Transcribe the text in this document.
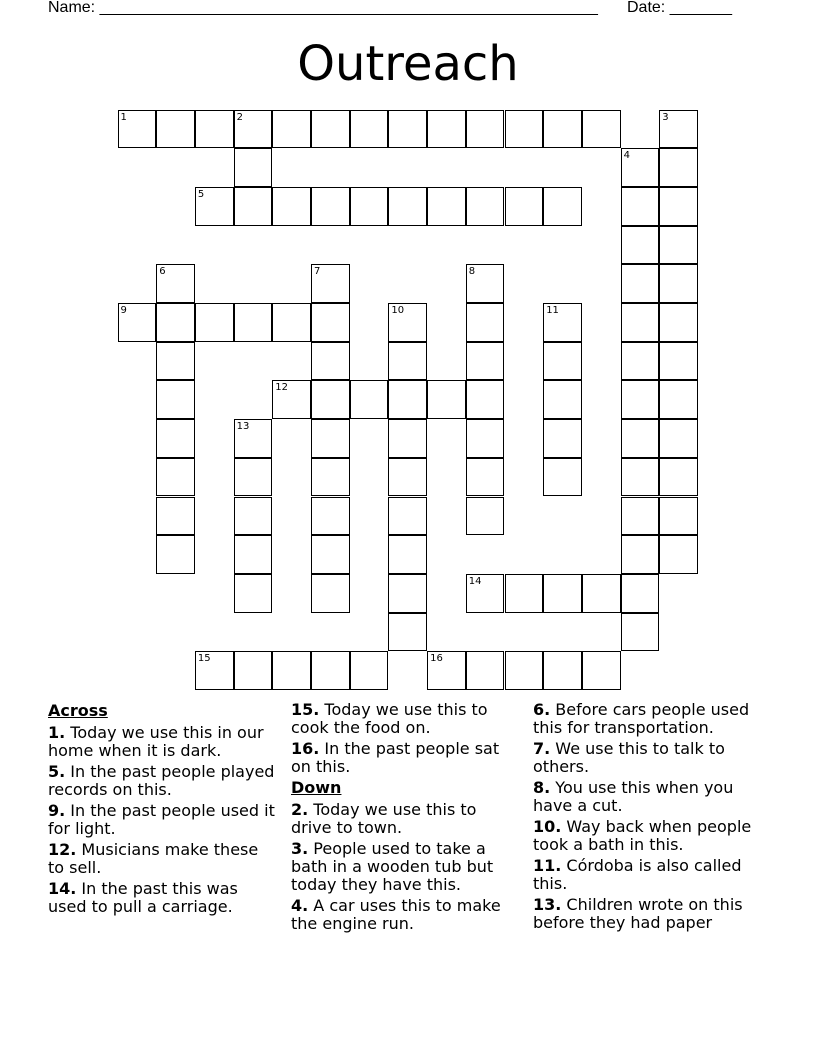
Name: ________________________________________________________ Date: _______
Outreach
1	2	3
4
5
6	7	8
9	10	11
12
13
14
15	16
Across
1. Today we use this in our home when it is dark.
5. In the past people played records on this.
9. In the past people used it for light.
12. Musicians make these to sell.
14. In the past this was used to pull a carriage.
15. Today we use this to cook the food on.
16. In the past people sat on this.
Down
2. Today we use this to drive to town.
3. People used to take a bath in a wooden tub but today they have this.
4. A car uses this to make the engine run.
6. Before cars people used this for transportation.
7. We use this to talk to others.
8. You use this when you have a cut.
10. Way back when people took a bath in this.
11. Córdoba is also called this.
13. Children wrote on this before they had paper
